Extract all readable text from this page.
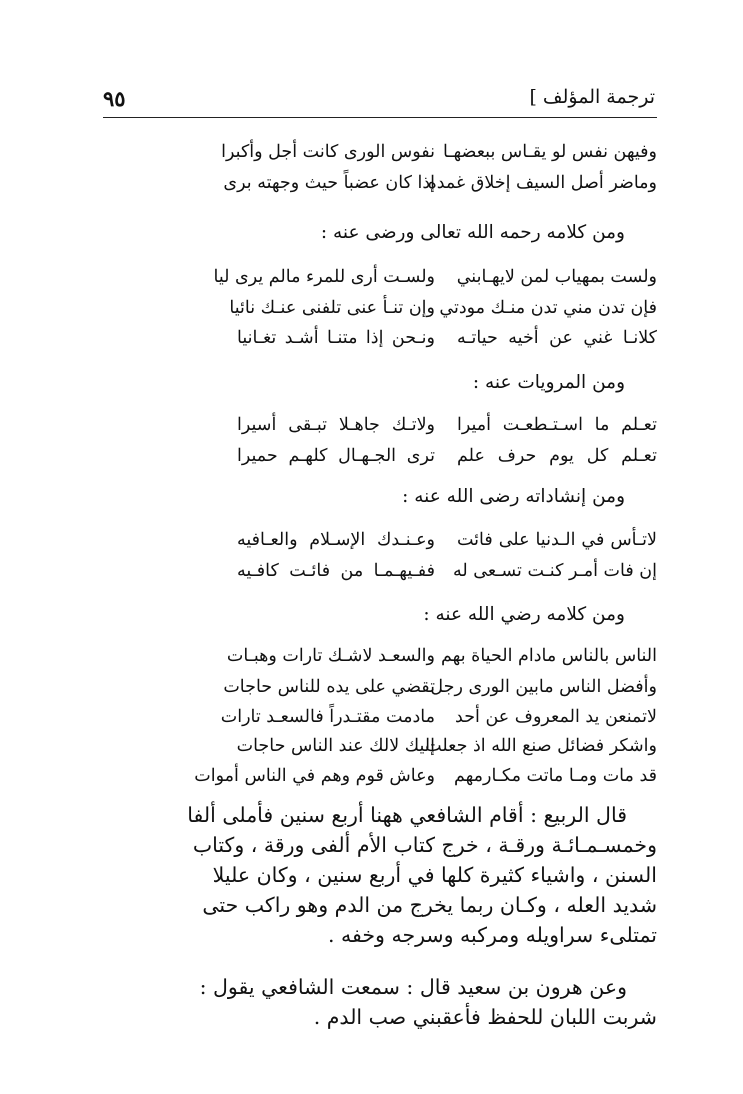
ترجمة المؤلف ]
٩٥
وفيهن نفس لو يقـاس ببعضهـا
نفوس الورى كانت أجل وأكبرا
وماضر أصل السيف إخلاق غمده
إذا كان عضباً حيث وجهته برى
ومن كلامه رحمه الله تعالى ورضى عنه :
ولست بمهياب لمن لايهـابني
ولسـت أرى للمرء مالم يرى ليا
فإن تدن مني تدن منـك مودتي
وإن تنـأ عنى تلفنى عنـك نائيا
كلانـا غني عن أخيه حياتـه
ونـحن إذا متنـا أشـد تغـانيا
ومن المرويات عنه :
تعـلم ما اسـتـطعـت أميرا
ولاتـك جاهـلا تبـقى أسيرا
تعـلم كل يوم حرف علم
ترى الجـهـال كلهـم حميرا
ومن إنشاداته رضى الله عنه :
لاتـأس في الـدنيا على فائت
وعـنـدك الإسـلام والعـافيه
إن فات أمـر كنـت تسـعى له
ففـيهـمـا من فائـت كافـيه
ومن كلامه رضي الله عنه :
الناس بالناس مادام الحياة بهم
والسعـد لاشـك تارات وهبـات
وأفضل الناس مابين الورى رجل
تقضي على يده للناس حاجات
لاتمنعن يد المعروف عن أحد
مادمت مقتـدراً فالسعـد تارات
واشكر فضائل صنع الله اذ جعلت
إليك لالك عند الناس حاجات
قد مات ومـا ماتت مكـارمهم
وعاش قوم وهم في الناس أموات
قال الربيع : أقام الشافعي ههنا أربع سنين فأملى ألفا
وخمسـمـائـة ورقـة ، خرج كتاب الأم ألفى ورقة ، وكتاب
السنن ، واشياء كثيرة كلها في أربع سنين ، وكان عليلا
شديد العله ، وكـان ربما يخرج من الدم وهو راكب حتى
تمتلىء سراويله ومركبه وسرجه وخفه .
وعن هرون بن سعيد قال : سمعت الشافعي يقول :
شربت اللبان للحفظ فأعقبني صب الدم .
